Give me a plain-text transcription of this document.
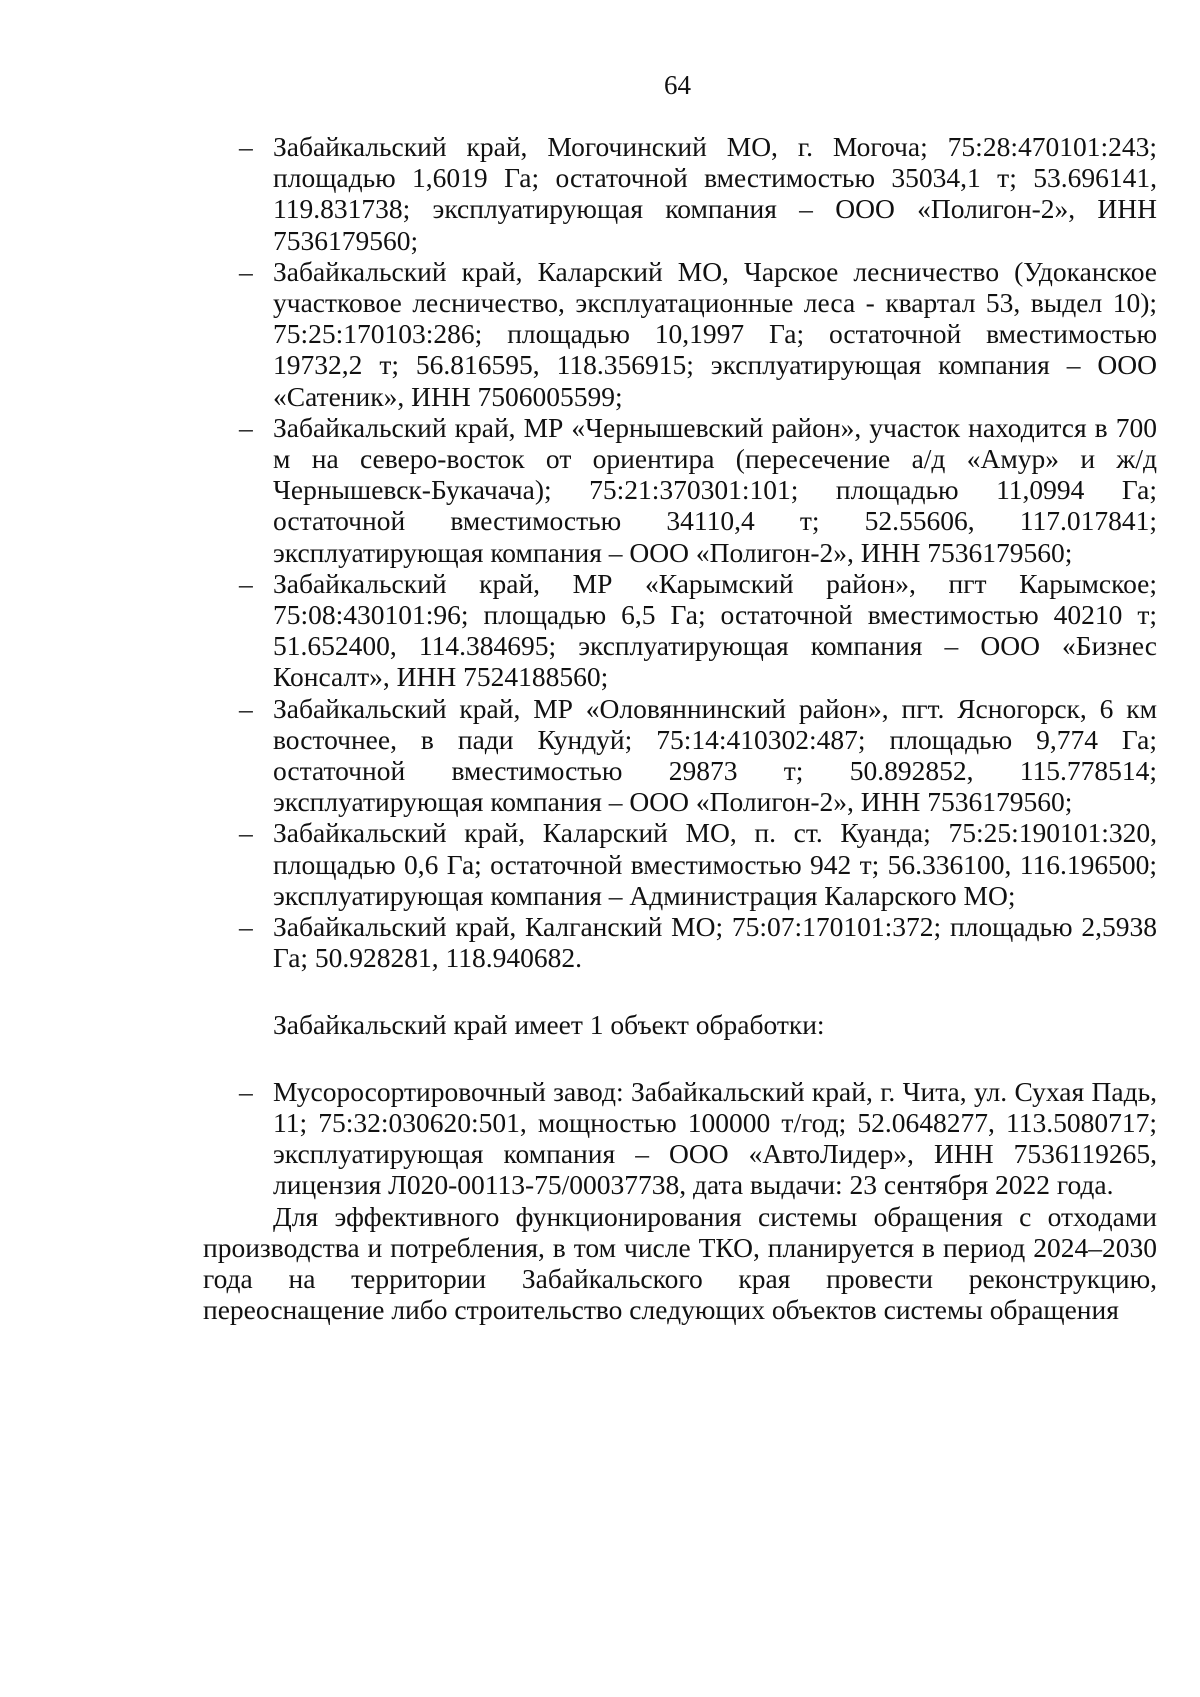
64
– Забайкальский край, Могочинский МО, г. Могоча; 75:28:470101:243; площадью 1,6019 Га; остаточной вместимостью 35034,1 т; 53.696141, 119.831738; эксплуатирующая компания – ООО «Полигон-2», ИНН 7536179560;
– Забайкальский край, Каларский МО, Чарское лесничество (Удоканское участковое лесничество, эксплуатационные леса - квартал 53, выдел 10); 75:25:170103:286; площадью 10,1997 Га; остаточной вместимостью 19732,2 т; 56.816595, 118.356915; эксплуатирующая компания – ООО «Сатеник», ИНН 7506005599;
– Забайкальский край, МР «Чернышевский район», участок находится в 700 м на северо-восток от ориентира (пересечение а/д «Амур» и ж/д Чернышевск-Букачача); 75:21:370301:101; площадью 11,0994 Га; остаточной вместимостью 34110,4 т; 52.55606, 117.017841; эксплуатирующая компания – ООО «Полигон-2», ИНН 7536179560;
– Забайкальский край, МР «Карымский район», пгт Карымское; 75:08:430101:96; площадью 6,5 Га; остаточной вместимостью 40210 т; 51.652400, 114.384695; эксплуатирующая компания – ООО «Бизнес Консалт», ИНН 7524188560;
– Забайкальский край, МР «Оловяннинский район», пгт. Ясногорск, 6 км восточнее, в пади Кундуй; 75:14:410302:487; площадью 9,774 Га; остаточной вместимостью 29873 т; 50.892852, 115.778514; эксплуатирующая компания – ООО «Полигон-2», ИНН 7536179560;
– Забайкальский край, Каларский МО, п. ст. Куанда; 75:25:190101:320, площадью 0,6 Га; остаточной вместимостью 942 т; 56.336100, 116.196500; эксплуатирующая компания – Администрация Каларского МО;
– Забайкальский край, Калганский МО; 75:07:170101:372; площадью 2,5938 Га; 50.928281, 118.940682.

Забайкальский край имеет 1 объект обработки:

– Мусоросортировочный завод: Забайкальский край, г. Чита, ул. Сухая Падь, 11; 75:32:030620:501, мощностью 100000 т/год; 52.0648277, 113.5080717; эксплуатирующая компания – ООО «АвтоЛидер», ИНН 7536119265, лицензия Л020-00113-75/00037738, дата выдачи: 23 сентября 2022 года.

Для эффективного функционирования системы обращения с отходами производства и потребления, в том числе ТКО, планируется в период 2024–2030 года на территории Забайкальского края провести реконструкцию, переоснащение либо строительство следующих объектов системы обращения
